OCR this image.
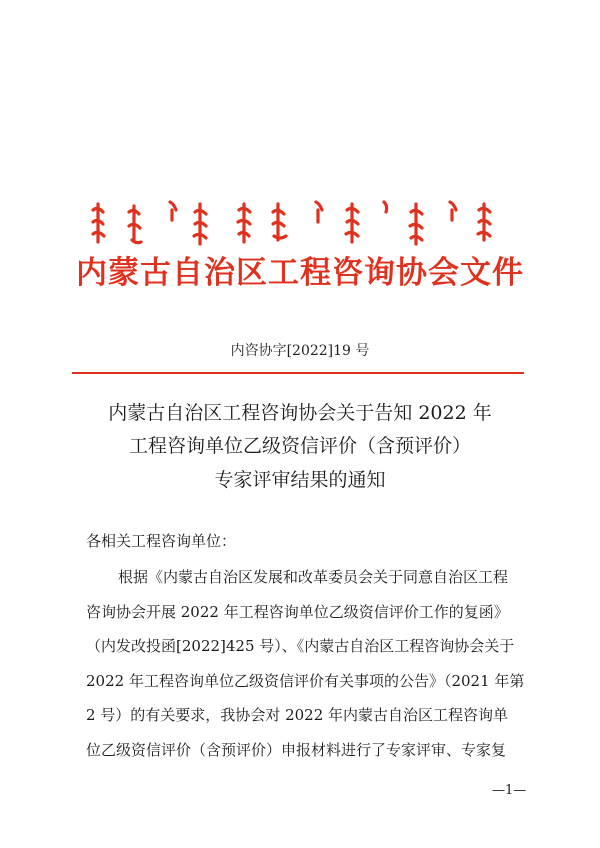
内蒙古自治区工程咨询协会文件
内咨协字[2022]19 号
内蒙古自治区工程咨询协会关于告知 2022 年
工程咨询单位乙级资信评价（含预评价）
专家评审结果的通知
各相关工程咨询单位：
根据《内蒙古自治区发展和改革委员会关于同意自治区工程
咨询协会开展 2022 年工程咨询单位乙级资信评价工作的复函》
（内发改投函[2022]425 号）、《内蒙古自治区工程咨询协会关于
2022 年工程咨询单位乙级资信评价有关事项的公告》（2021 年第
2 号）的有关要求，我协会对 2022 年内蒙古自治区工程咨询单
位乙级资信评价（含预评价）申报材料进行了专家评审、专家复
—1—
